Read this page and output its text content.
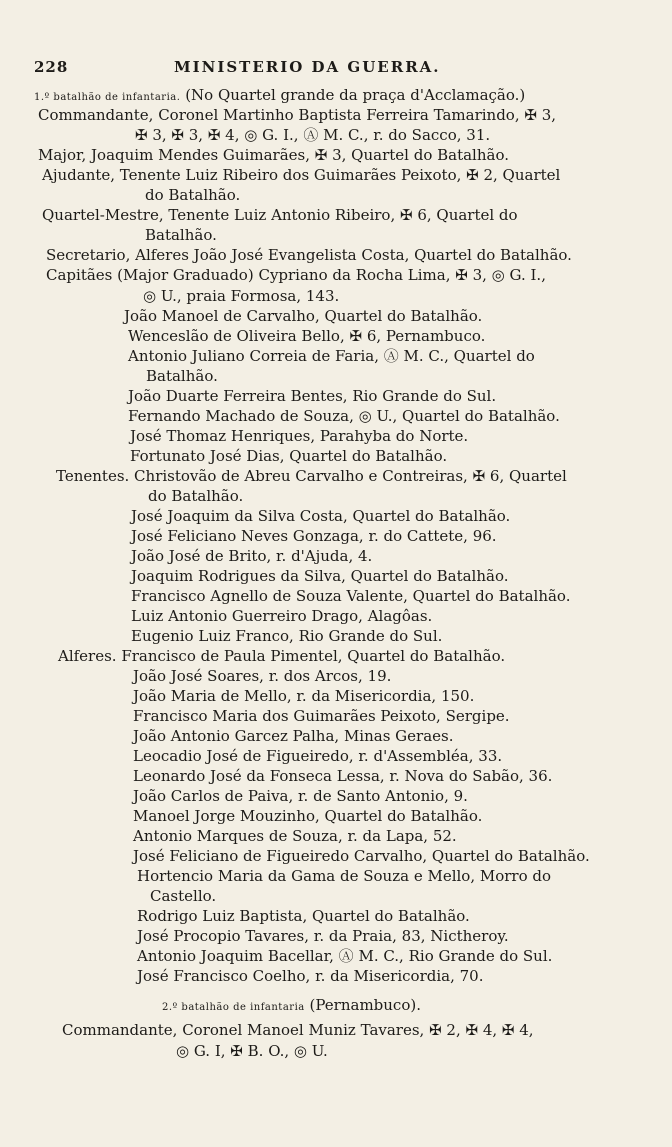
228	MINISTERIO DA GUERRA.
1.º batalhão de infantaria. (No Quartel grande da praça d'Acclamação.)
Commandante, Coronel Martinho Baptista Ferreira Tamarindo, ✠ 3,
✠ 3, ✠ 3, ✠ 4, ◎ G. I., Ⓐ M. C., r. do Sacco, 31.
Major, Joaquim Mendes Guimarães, ✠ 3, Quartel do Batalhão.
Ajudante, Tenente Luiz Ribeiro dos Guimarães Peixoto, ✠ 2, Quartel
do Batalhão.
Quartel-Mestre, Tenente Luiz Antonio Ribeiro, ✠ 6, Quartel do
Batalhão.
Secretario, Alferes João José Evangelista Costa, Quartel do Batalhão.
Capitães (Major Graduado) Cypriano da Rocha Lima, ✠ 3, ◎ G. I.,
◎ U., praia Formosa, 143.
João Manoel de Carvalho, Quartel do Batalhão.
Wenceslão de Oliveira Bello, ✠ 6, Pernambuco.
Antonio Juliano Correia de Faria, Ⓐ M. C., Quartel do
Batalhão.
João Duarte Ferreira Bentes, Rio Grande do Sul.
Fernando Machado de Souza, ◎ U., Quartel do Batalhão.
José Thomaz Henriques, Parahyba do Norte.
Fortunato José Dias, Quartel do Batalhão.
Tenentes. Christovão de Abreu Carvalho e Contreiras, ✠ 6, Quartel
do Batalhão.
José Joaquim da Silva Costa, Quartel do Batalhão.
José Feliciano Neves Gonzaga, r. do Cattete, 96.
João José de Brito, r. d'Ajuda, 4.
Joaquim Rodrigues da Silva, Quartel do Batalhão.
Francisco Agnello de Souza Valente, Quartel do Batalhão.
Luiz Antonio Guerreiro Drago, Alagôas.
Eugenio Luiz Franco, Rio Grande do Sul.
Alferes. Francisco de Paula Pimentel, Quartel do Batalhão.
João José Soares, r. dos Arcos, 19.
João Maria de Mello, r. da Misericordia, 150.
Francisco Maria dos Guimarães Peixoto, Sergipe.
João Antonio Garcez Palha, Minas Geraes.
Leocadio José de Figueiredo, r. d'Assembléa, 33.
Leonardo José da Fonseca Lessa, r. Nova do Sabão, 36.
João Carlos de Paiva, r. de Santo Antonio, 9.
Manoel Jorge Mouzinho, Quartel do Batalhão.
Antonio Marques de Souza, r. da Lapa, 52.
José Feliciano de Figueiredo Carvalho, Quartel do Batalhão.
Hortencio Maria da Gama de Souza e Mello, Morro do
Castello.
Rodrigo Luiz Baptista, Quartel do Batalhão.
José Procopio Tavares, r. da Praia, 83, Nictheroy.
Antonio Joaquim Bacellar, Ⓐ M. C., Rio Grande do Sul.
José Francisco Coelho, r. da Misericordia, 70.
2.º batalhão de infantaria (Pernambuco).
Commandante, Coronel Manoel Muniz Tavares, ✠ 2, ✠ 4, ✠ 4,
◎ G. I, ✠ B. O., ◎ U.
